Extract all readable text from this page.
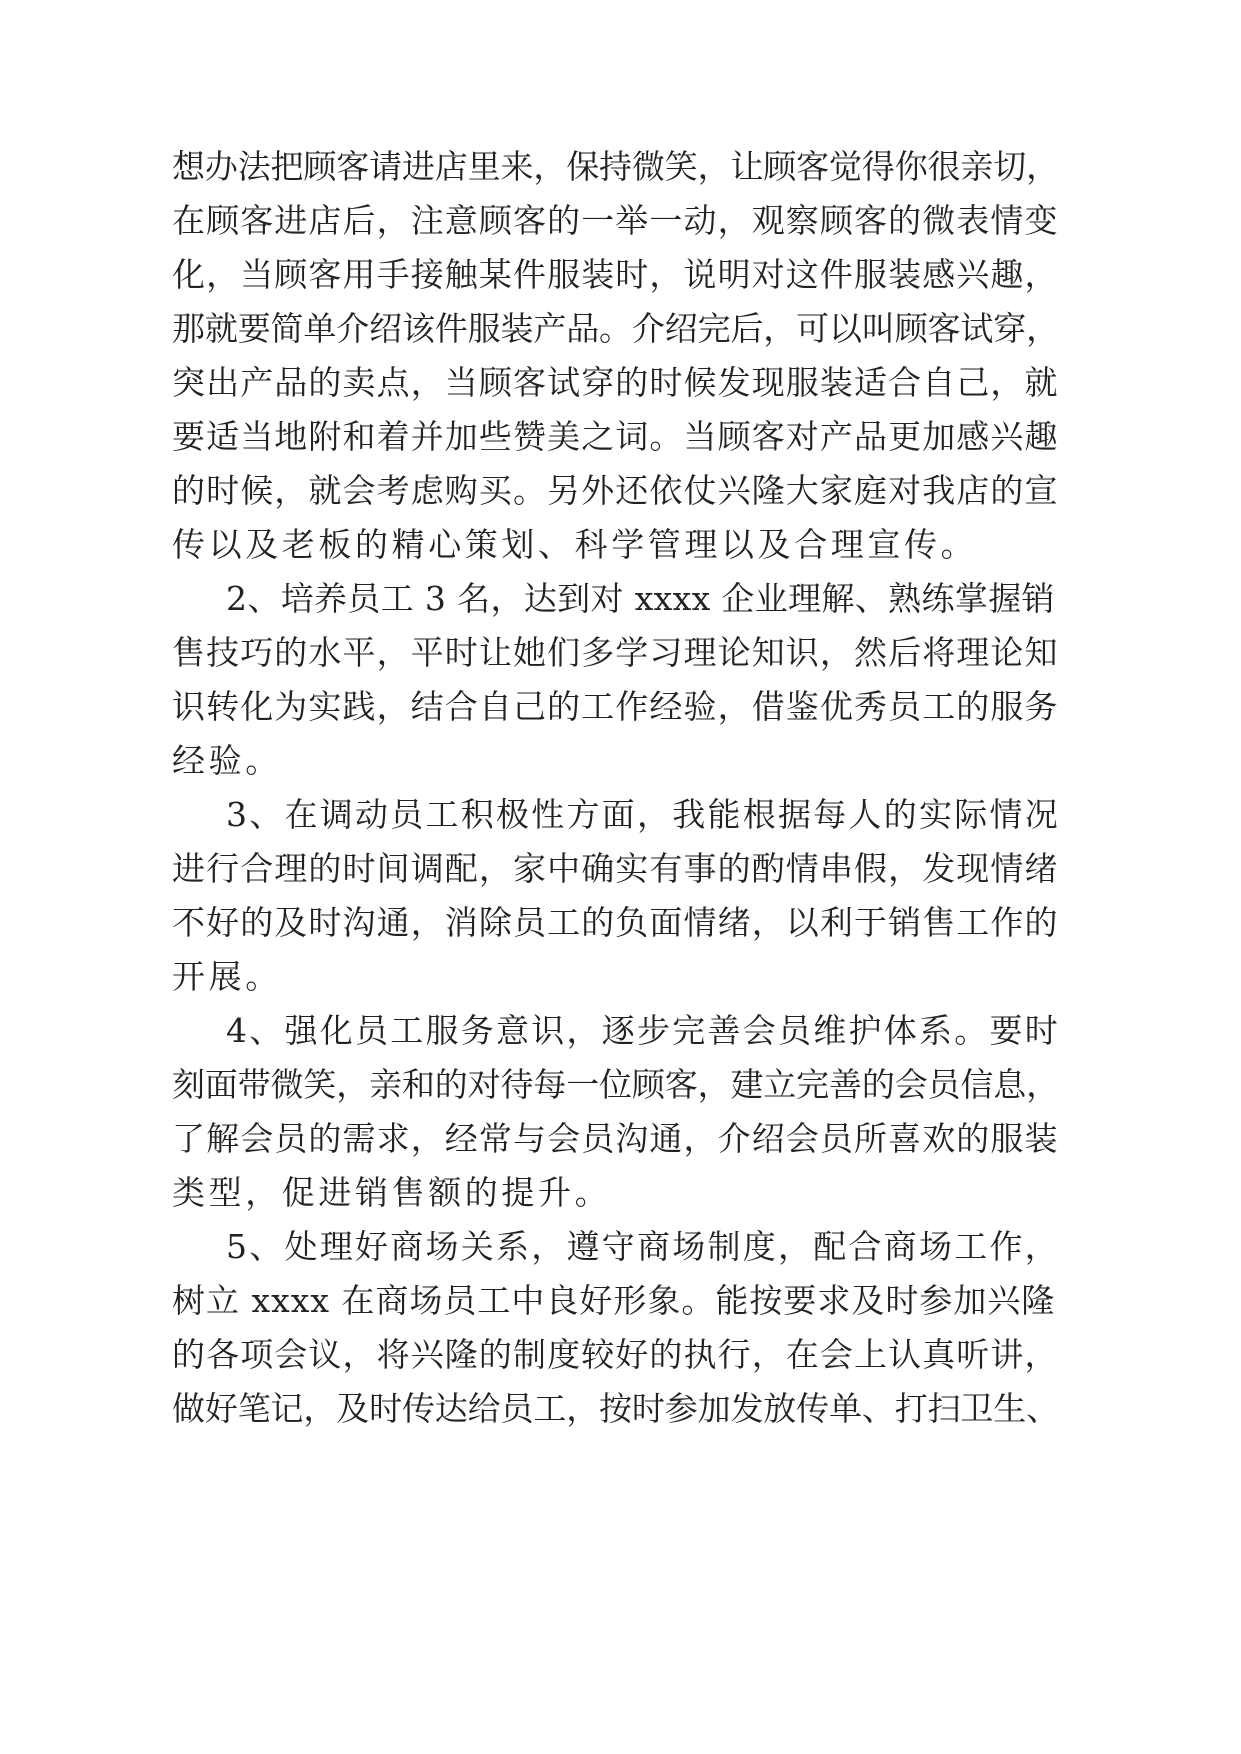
想办法把顾客请进店里来，保持微笑，让顾客觉得你很亲切，
在顾客进店后，注意顾客的一举一动，观察顾客的微表情变
化，当顾客用手接触某件服装时，说明对这件服装感兴趣，
那就要简单介绍该件服装产品。介绍完后，可以叫顾客试穿，
突出产品的卖点，当顾客试穿的时候发现服装适合自己，就
要适当地附和着并加些赞美之词。当顾客对产品更加感兴趣
的时候，就会考虑购买。另外还依仗兴隆大家庭对我店的宣
传以及老板的精心策划、科学管理以及合理宣传。
2、培养员工 3 名，达到对 xxxx 企业理解、熟练掌握销
售技巧的水平，平时让她们多学习理论知识，然后将理论知
识转化为实践，结合自己的工作经验，借鉴优秀员工的服务
经验。
3、在调动员工积极性方面，我能根据每人的实际情况
进行合理的时间调配，家中确实有事的酌情串假，发现情绪
不好的及时沟通，消除员工的负面情绪，以利于销售工作的
开展。
4、强化员工服务意识，逐步完善会员维护体系。要时
刻面带微笑，亲和的对待每一位顾客，建立完善的会员信息，
了解会员的需求，经常与会员沟通，介绍会员所喜欢的服装
类型，促进销售额的提升。
5、处理好商场关系，遵守商场制度，配合商场工作，
树立 xxxx 在商场员工中良好形象。能按要求及时参加兴隆
的各项会议，将兴隆的制度较好的执行，在会上认真听讲，
做好笔记，及时传达给员工，按时参加发放传单、打扫卫生、
